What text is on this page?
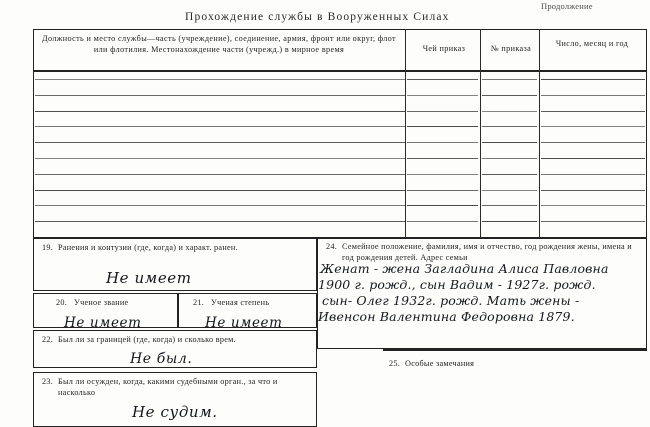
Продолжение
Прохождение службы в Вооруженных Силах
Должность и место службы—часть (учреждение), соединение, армия, фронт или округ, флот или флотилия. Местонахождение части (учрежд.) в мирное время	Чей приказ	№ приказа
Число, месяц и год
19. Ранения и контузии (где, когда) и характ. ранен.
Не имеет
20. Ученое звание
Не имеет
21. Ученая степень
Не имеет
22. Был ли за границей (где, когда) и сколько врем.
Не был.
23. Был ли осужден, когда, какими судебными орган., за что и насколько
Не судим.
24. Семейное положение, фамилия, имя и отчество, год рождения жены, имена и год рождения детей. Адрес семьи
Женат - жена Загладина Алиса Павловна
1900 г. рожд., сын Вадим - 1927г. рожд.
сын- Олег 1932г. рожд. Мать жены -
Ивенсон Валентина Федоровна 1879.
25. Особые замечания
